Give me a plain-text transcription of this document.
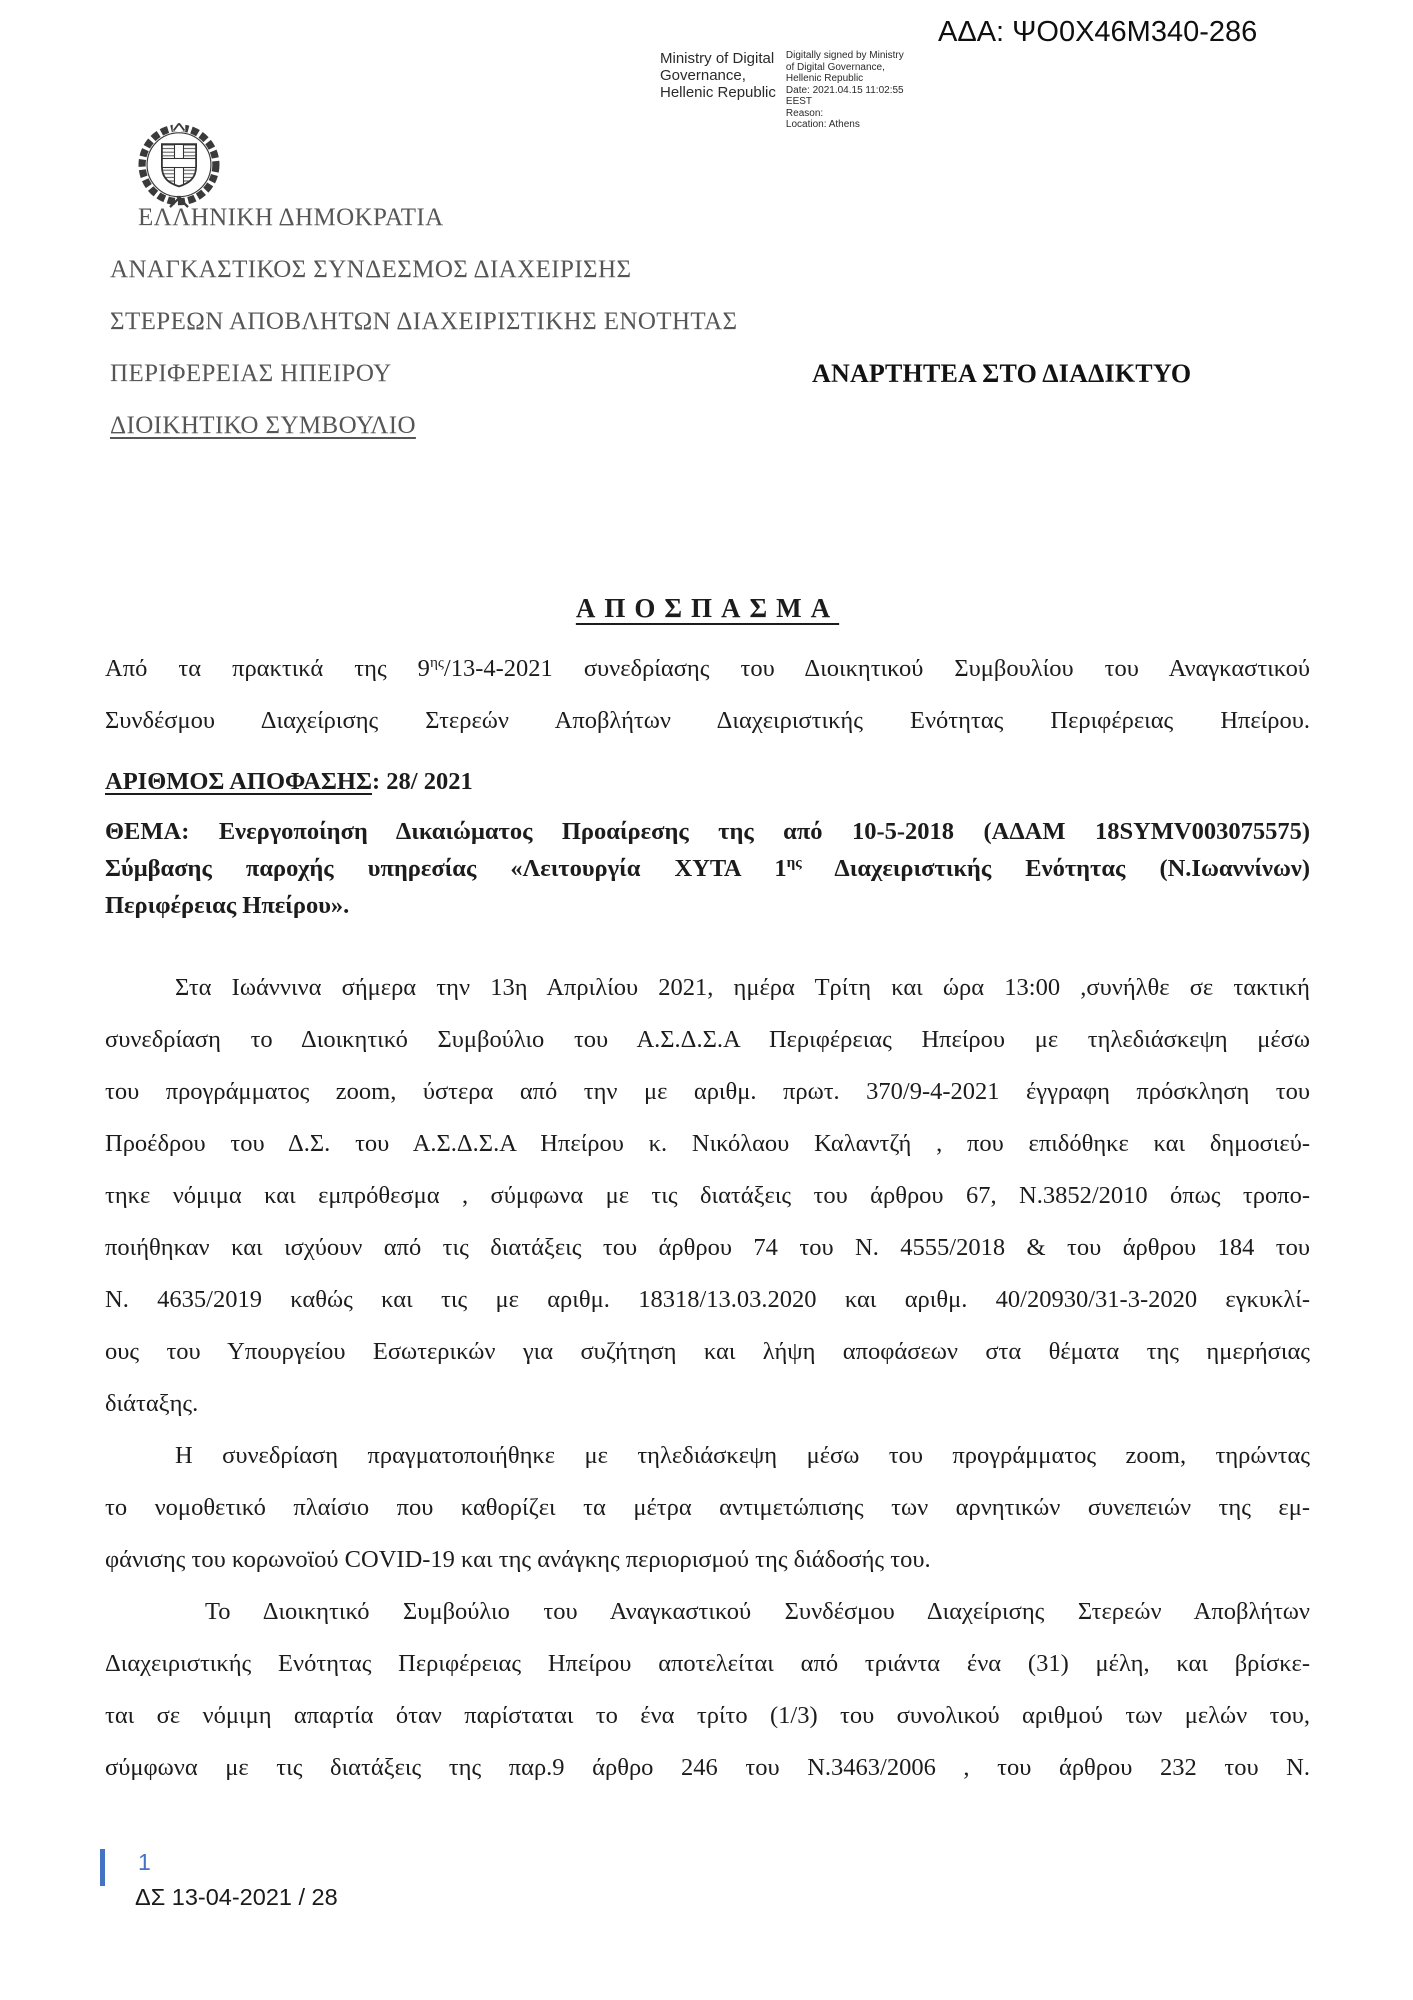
ΑΔΑ: ΨΟ0Χ46Μ340-286
Ministry of Digital
Governance,
Hellenic Republic
Digitally signed by Ministry
of Digital Governance,
Hellenic Republic
Date: 2021.04.15 11:02:55
EEST
Reason:
Location: Athens
ΕΛΛΗΝΙΚΗ ΔΗΜΟΚΡΑΤΙΑ
ΑΝΑΓΚΑΣΤΙΚΟΣ ΣΥΝΔΕΣΜΟΣ ΔΙΑΧΕΙΡΙΣΗΣ
ΣΤΕΡΕΩΝ ΑΠΟΒΛΗΤΩΝ ΔΙΑΧΕΙΡΙΣΤΙΚΗΣ ΕΝΟΤΗΤΑΣ
ΠΕΡΙΦΕΡΕΙΑΣ ΗΠΕΙΡΟΥ	ΑΝΑΡΤΗΤΕΑ ΣΤΟ ΔΙΑΔΙΚΤΥΟ
ΔΙΟΙΚΗΤΙΚΟ ΣΥΜΒΟΥΛΙΟ
ΑΠΟΣΠΑΣΜΑ
Από τα πρακτικά της $9^{\eta\varsigma}/13-4-2021$ συνεδρίασης του Διοικητικού Συμβουλίου του Αναγκαστικού
Συνδέσμου Διαχείρισης Στερεών Αποβλήτων Διαχειριστικής Ενότητας Περιφέρειας Ηπείρου.
ΑΡΙΘΜΟΣ ΑΠΟΦΑΣΗΣ: 28/ 2021
ΘΕΜΑ: Ενεργοποίηση Δικαιώματος Προαίρεσης της από 10-5-2018 (ΑΔΑΜ 18SYMV003075575)
Σύμβασης παροχής υπηρεσίας «Λειτουργία ΧΥΤΑ $1^{\eta\varsigma}$ Διαχειριστικής Ενότητας (Ν.Ιωαννίνων)
Περιφέρειας Ηπείρου».
Στα Ιωάννινα σήμερα την 13η Απριλίου 2021, ημέρα Τρίτη και ώρα 13:00 ,συνήλθε σε τακτική
συνεδρίαση το Διοικητικό Συμβούλιο του Α.Σ.Δ.Σ.Α Περιφέρειας Ηπείρου με τηλεδιάσκεψη μέσω
του προγράμματος zoom, ύστερα από την με αριθμ. πρωτ. 370/9-4-2021 έγγραφη πρόσκληση του
Προέδρου του Δ.Σ. του Α.Σ.Δ.Σ.Α Ηπείρου κ. Νικόλαου Καλαντζή , που επιδόθηκε και δημοσιεύ-
τηκε νόμιμα και εμπρόθεσμα , σύμφωνα με τις διατάξεις του άρθρου 67, Ν.3852/2010 όπως τροπο-
ποιήθηκαν και ισχύουν από τις διατάξεις του άρθρου 74 του Ν. 4555/2018 & του άρθρου 184 του
Ν. 4635/2019 καθώς και τις με αριθμ. 18318/13.03.2020 και αριθμ. 40/20930/31-3-2020 εγκυκλί-
ους του Υπουργείου Εσωτερικών για συζήτηση και λήψη αποφάσεων στα θέματα της ημερήσιας
διάταξης.
Η συνεδρίαση πραγματοποιήθηκε με τηλεδιάσκεψη μέσω του προγράμματος zoom, τηρώντας
το νομοθετικό πλαίσιο που καθορίζει τα μέτρα αντιμετώπισης των αρνητικών συνεπειών της εμ-
φάνισης του κορωνοϊού COVID-19 και της ανάγκης περιορισμού της διάδοσής του.
Το Διοικητικό Συμβούλιο του Αναγκαστικού Συνδέσμου Διαχείρισης Στερεών Αποβλήτων
Διαχειριστικής Ενότητας Περιφέρειας Ηπείρου αποτελείται από τριάντα ένα (31) μέλη, και βρίσκε-
ται σε νόμιμη απαρτία όταν παρίσταται το ένα τρίτο (1/3) του συνολικού αριθμού των μελών του,
σύμφωνα με τις διατάξεις της παρ.9 άρθρο 246 του Ν.3463/2006 , του άρθρου 232 του Ν.
1
ΔΣ 13-04-2021 / 28
